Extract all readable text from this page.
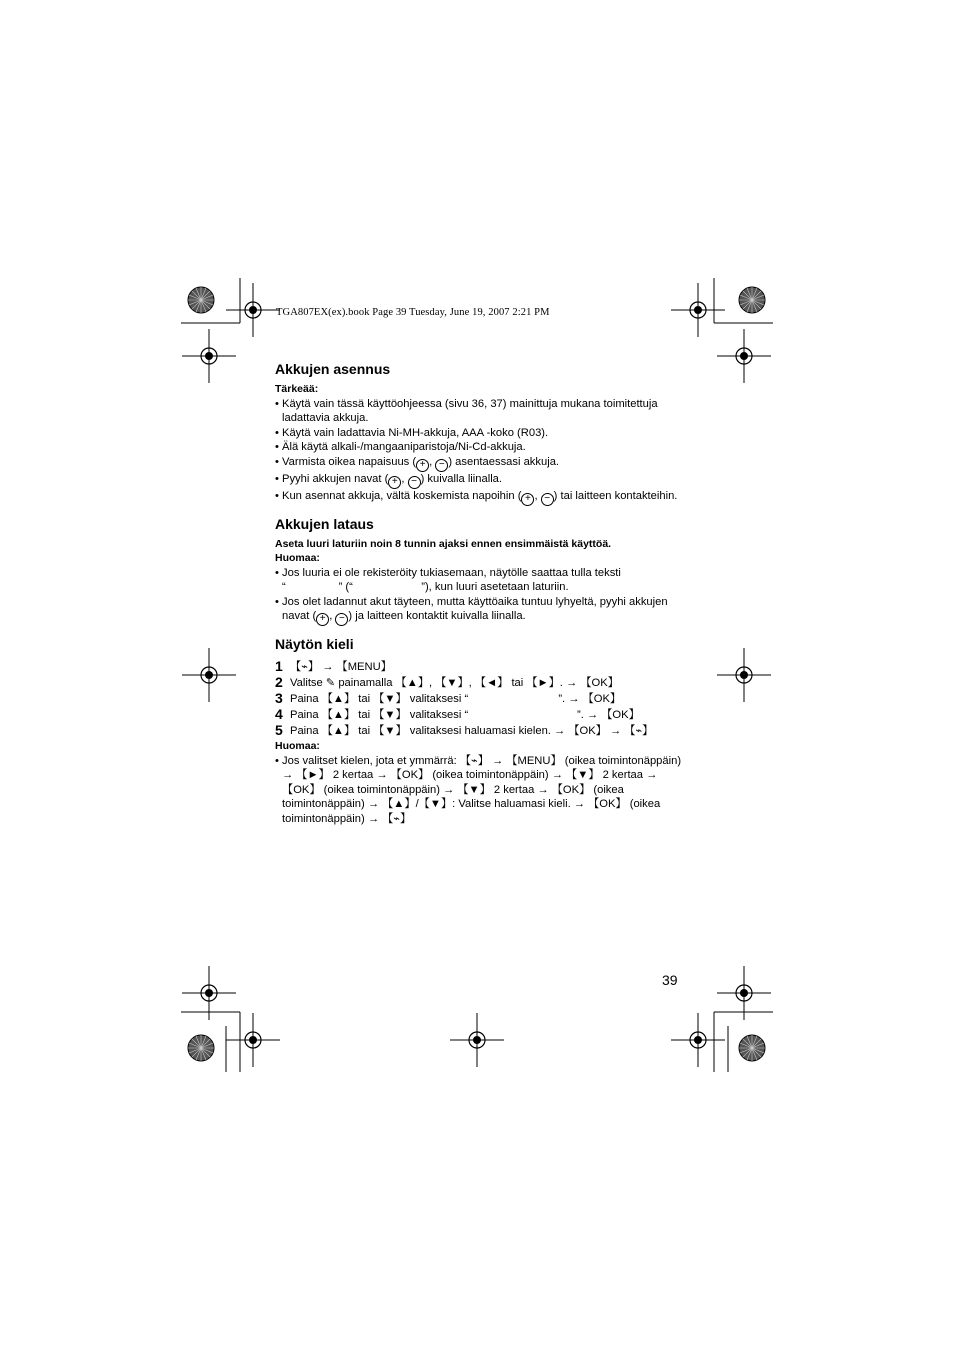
TGA807EX(ex).book Page 39 Tuesday, June 19, 2007 2:21 PM
Akkujen asennus
Tärkeää:
• Käytä vain tässä käyttöohjeessa (sivu 36, 37) mainittuja mukana toimitettuja ladattavia akkuja.
• Käytä vain ladattavia Ni-MH-akkuja, AAA -koko (R03).
• Älä käytä alkali-/mangaaniparistoja/Ni-Cd-akkuja.
• Varmista oikea napaisuus ( + , − ) asentaessasi akkuja.
• Pyyhi akkujen navat ( + , − ) kuivalla liinalla.
• Kun asennat akkuja, vältä koskemista napoihin ( + , − ) tai laitteen kontakteihin.
Akkujen lataus
Aseta luuri laturiin noin 8 tunnin ajaksi ennen ensimmäistä käyttöä.
Huomaa:
• Jos luuria ei ole rekisteröity tukiasemaan, näytölle saattaa tulla teksti
“                 ” (“                      ”), kun luuri asetetaan laturiin.
• Jos olet ladannut akut täyteen, mutta käyttöaika tuntuu lyhyeltä, pyyhi akkujen navat ( + , − ) ja laitteen kontaktit kuivalla liinalla.
Näytön kieli
1 【⌁】 → 【MENU】
2 Valitse ✎ painamalla 【▲】, 【▼】, 【◄】 tai 【►】. → 【OK】
3 Paina 【▲】 tai 【▼】 valitaksesi “                             ”. → 【OK】
4 Paina 【▲】 tai 【▼】 valitaksesi “                                   ”. → 【OK】
5 Paina 【▲】 tai 【▼】 valitaksesi haluamasi kielen. → 【OK】 → 【⌁】
Huomaa:
• Jos valitset kielen, jota et ymmärrä: 【⌁】 → 【MENU】 (oikea toimintonäppäin) → 【►】 2 kertaa → 【OK】 (oikea toimintonäppäin) → 【▼】 2 kertaa → 【OK】 (oikea toimintonäppäin) → 【▼】 2 kertaa → 【OK】 (oikea toimintonäppäin) → 【▲】/【▼】: Valitse haluamasi kieli. → 【OK】 (oikea toimintonäppäin) → 【⌁】
39
